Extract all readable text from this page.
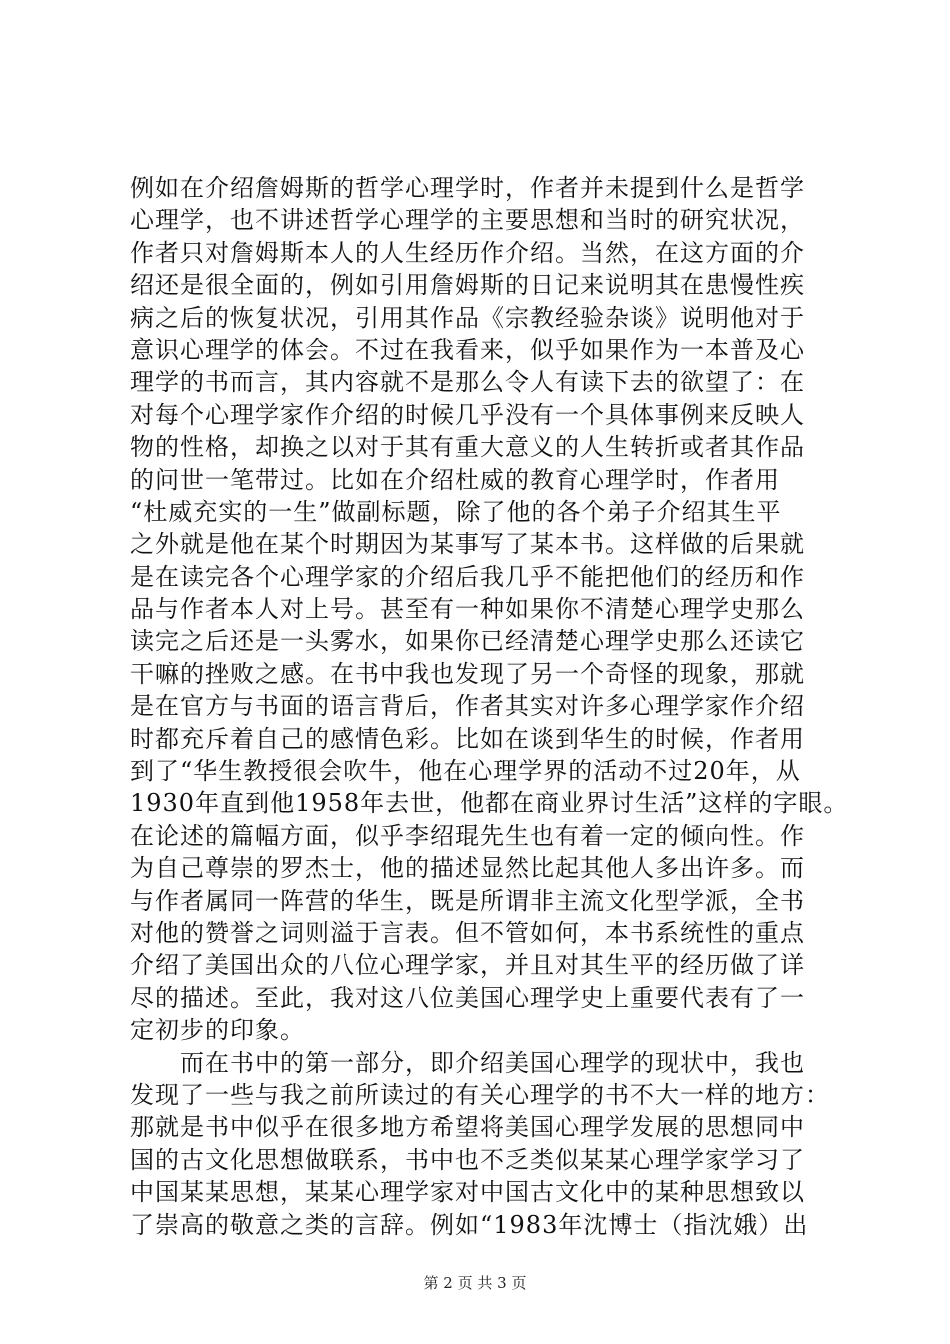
例如在介绍詹姆斯的哲学心理学时，作者并未提到什么是哲学
心理学，也不讲述哲学心理学的主要思想和当时的研究状况，
作者只对詹姆斯本人的人生经历作介绍。当然，在这方面的介
绍还是很全面的，例如引用詹姆斯的日记来说明其在患慢性疾
病之后的恢复状况，引用其作品《宗教经验杂谈》说明他对于
意识心理学的体会。不过在我看来，似乎如果作为一本普及心
理学的书而言，其内容就不是那么令人有读下去的欲望了：在
对每个心理学家作介绍的时候几乎没有一个具体事例来反映人
物的性格，却换之以对于其有重大意义的人生转折或者其作品
的问世一笔带过。比如在介绍杜威的教育心理学时，作者用
“杜威充实的一生”做副标题，除了他的各个弟子介绍其生平
之外就是他在某个时期因为某事写了某本书。这样做的后果就
是在读完各个心理学家的介绍后我几乎不能把他们的经历和作
品与作者本人对上号。甚至有一种如果你不清楚心理学史那么
读完之后还是一头雾水，如果你已经清楚心理学史那么还读它
干嘛的挫败之感。在书中我也发现了另一个奇怪的现象，那就
是在官方与书面的语言背后，作者其实对许多心理学家作介绍
时都充斥着自己的感情色彩。比如在谈到华生的时候，作者用
到了“华生教授很会吹牛，他在心理学界的活动不过20年，从
1930年直到他1958年去世，他都在商业界讨生活”这样的字眼。
在论述的篇幅方面，似乎李绍琨先生也有着一定的倾向性。作
为自己尊崇的罗杰士，他的描述显然比起其他人多出许多。而
与作者属同一阵营的华生，既是所谓非主流文化型学派，全书
对他的赞誉之词则溢于言表。但不管如何，本书系统性的重点
介绍了美国出众的八位心理学家，并且对其生平的经历做了详
尽的描述。至此，我对这八位美国心理学史上重要代表有了一
定初步的印象。
　　而在书中的第一部分，即介绍美国心理学的现状中，我也
发现了一些与我之前所读过的有关心理学的书不大一样的地方：
那就是书中似乎在很多地方希望将美国心理学发展的思想同中
国的古文化思想做联系，书中也不乏类似某某心理学家学习了
中国某某思想，某某心理学家对中国古文化中的某种思想致以
了崇高的敬意之类的言辞。例如“1983年沈博士（指沈娥）出
第 2 页 共 3 页
